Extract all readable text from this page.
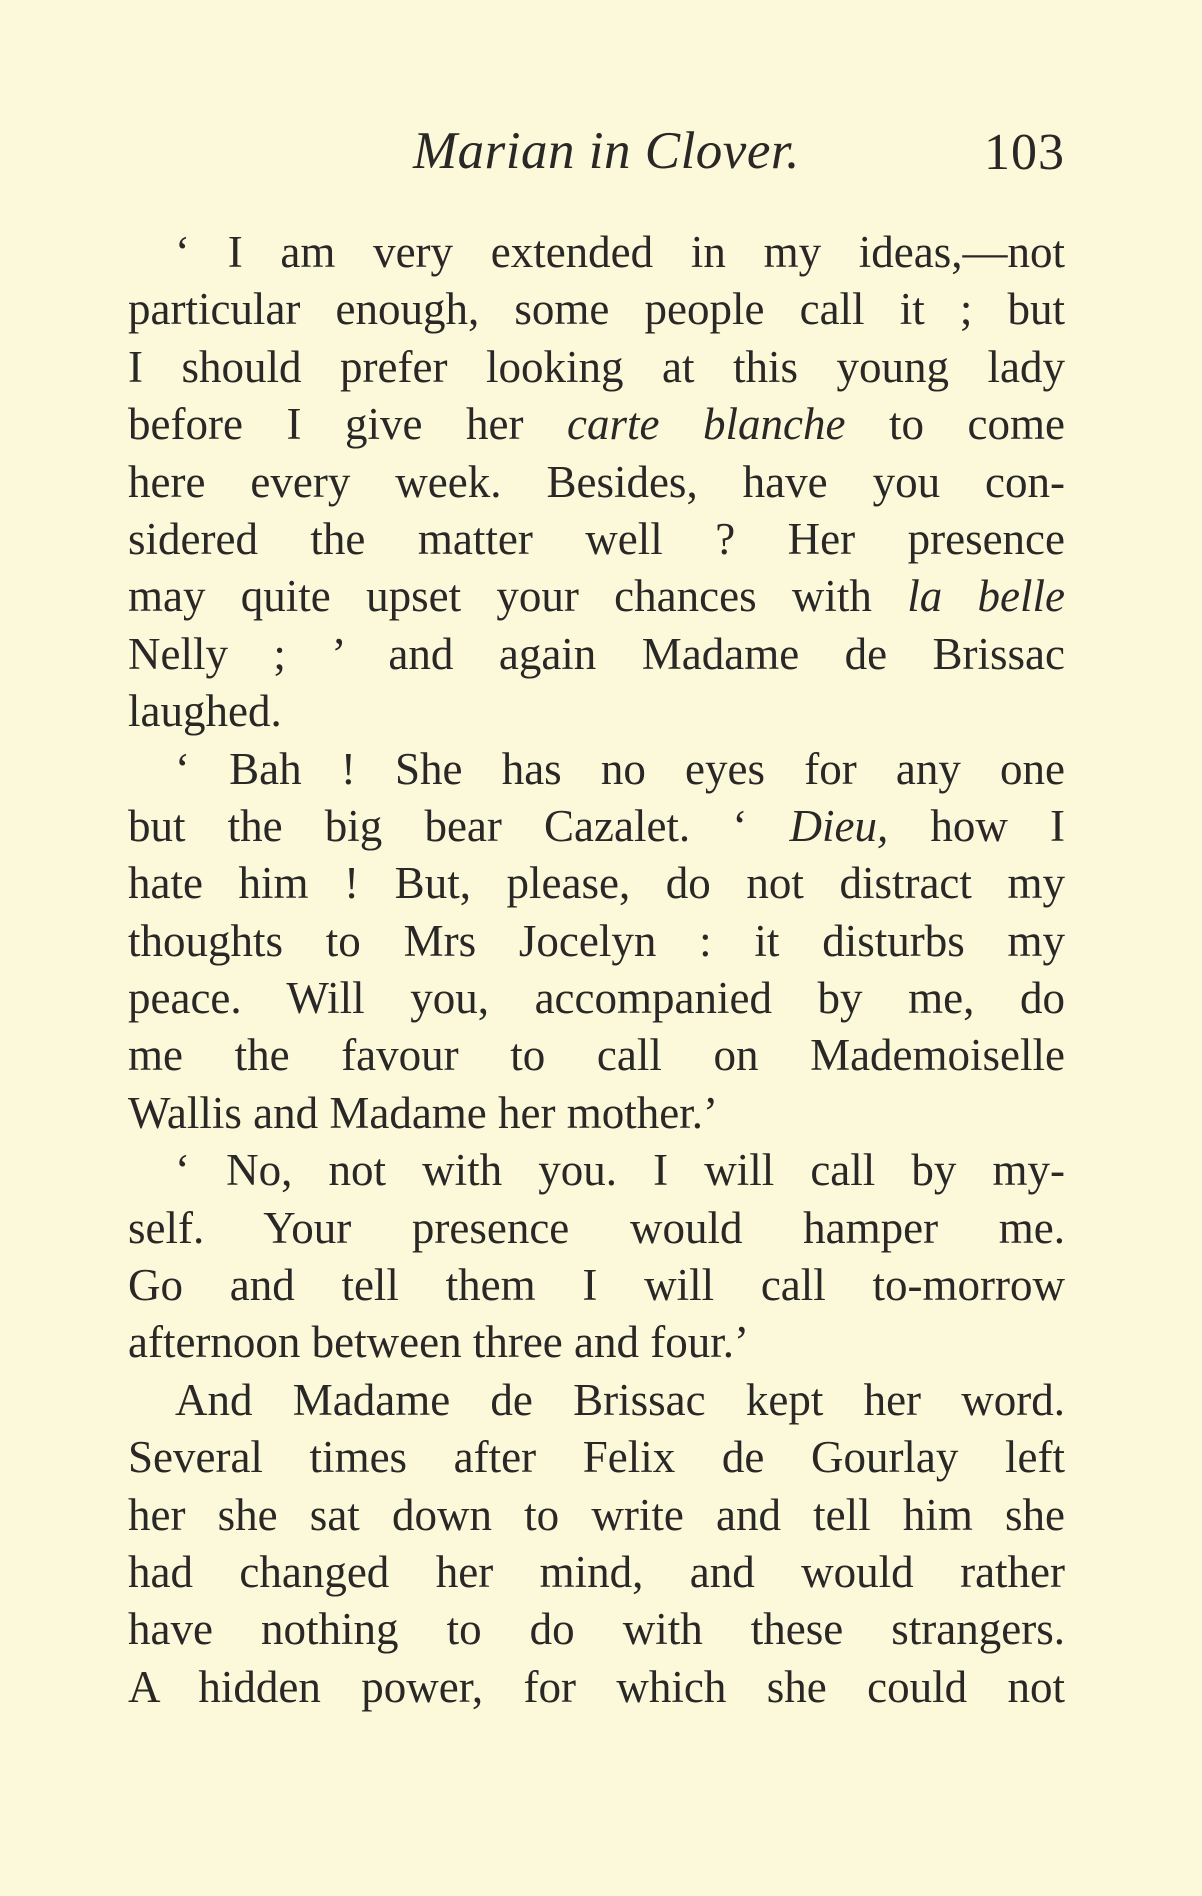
Marian in Clover.	103
‘ I am very extended in my ideas,—not
particular enough, some people call it ; but
I should prefer looking at this young lady
before I give her carte blanche to come
here every week. Besides, have you con-
sidered the matter well ? Her presence
may quite upset your chances with la belle
Nelly ; ’ and again Madame de Brissac
laughed.
‘ Bah ! She has no eyes for any one
but the big bear Cazalet. ‘ Dieu, how I
hate him ! But, please, do not distract my
thoughts to Mrs Jocelyn : it disturbs my
peace. Will you, accompanied by me, do
me the favour to call on Mademoiselle
Wallis and Madame her mother.’
‘ No, not with you. I will call by my-
self. Your presence would hamper me.
Go and tell them I will call to-morrow
afternoon between three and four.’
And Madame de Brissac kept her word.
Several times after Felix de Gourlay left
her she sat down to write and tell him she
had changed her mind, and would rather
have nothing to do with these strangers.
A hidden power, for which she could not
